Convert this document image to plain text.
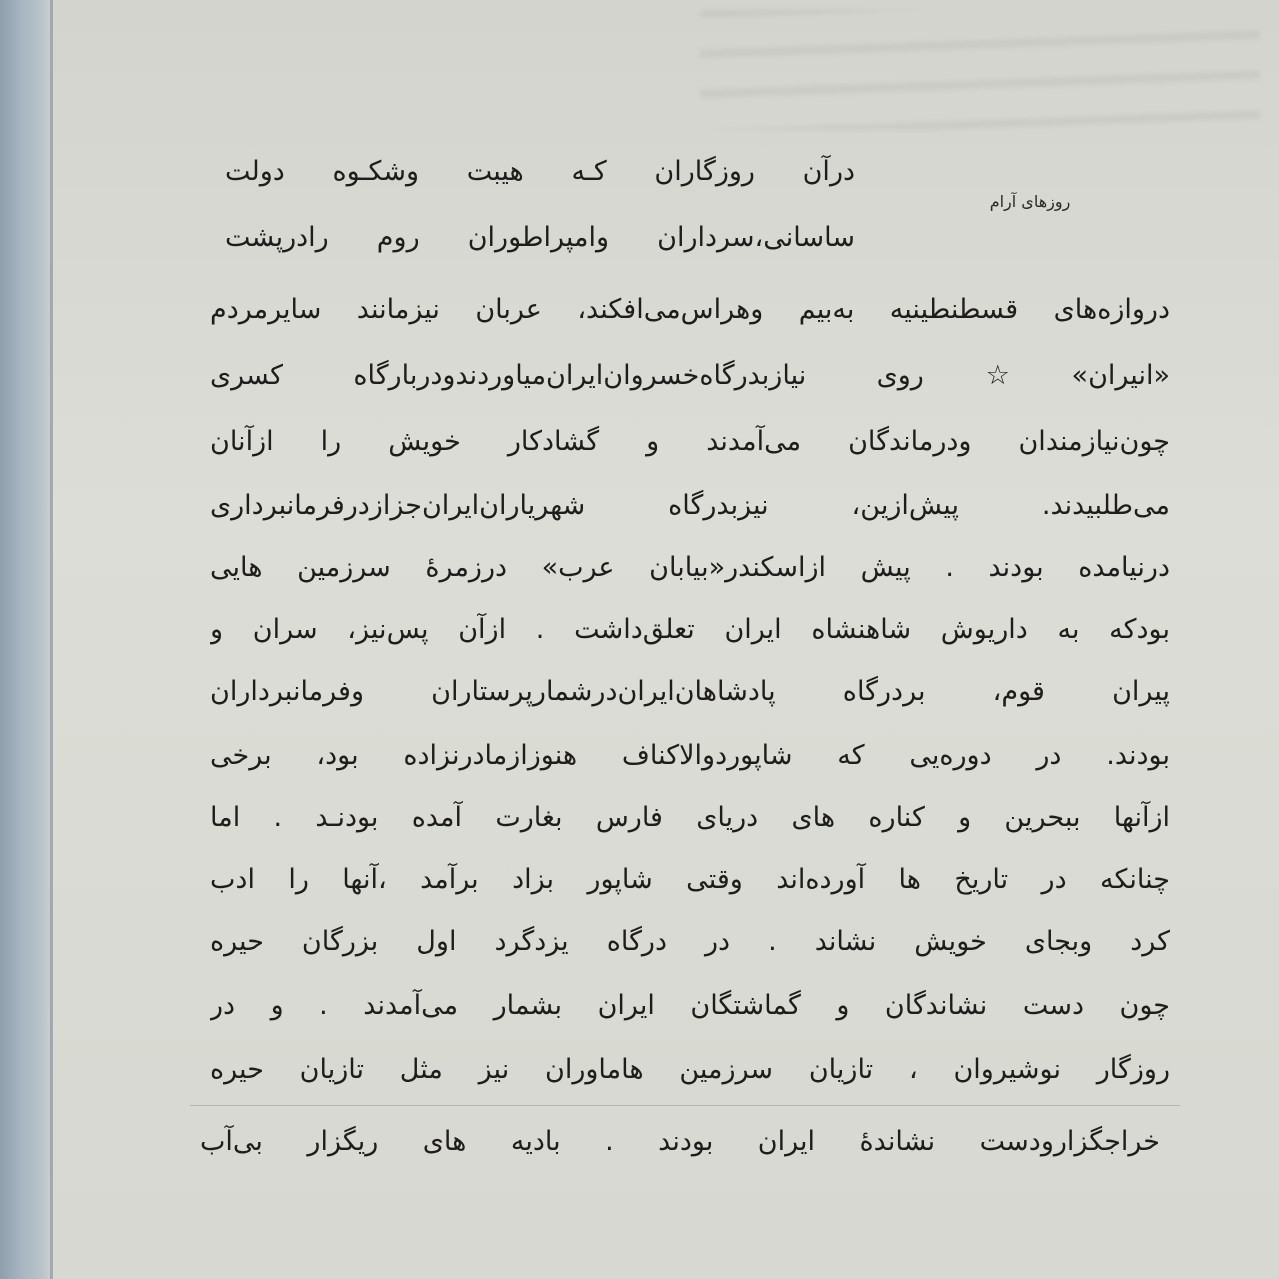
روزهای آرام
درآن روزگاران کـه هیبت وشکـوه دولت
ساسانی،سرداران وامپراطوران روم رادرپشت
دروازه‌های قسطنطینیه به‌بیم وهراس‌می‌افکند، عربان نیزمانند سایرمردم
«انیران»☆روی نیازبدرگاه‌خسروان‌ایران‌میاوردندودربارگاه کسری
چون‌نیازمندان ودرماندگان می‌آمدند و گشادکار خویش را ازآنان
می‌طلبیدند. پیش‌ازین، نیزبدرگاه شهریاران‌ایران‌جزازدرفرمانبرداری
درنیامده بودند . پیش ازاسکندر«بیابان عرب» درزمرهٔ سرزمین هایی
بودکه به داریوش شاهنشاه ایران تعلق‌داشت . ازآن پس‌نیز، سران و
پیران قوم، بردرگاه پادشاهان‌ایران‌درشمارپرستاران وفرمانبرداران
بودند. در دوره‌یی که شاپوردوالاکناف هنوزازمادرنزاده بود، برخی
ازآنها ببحرین و کناره های دریای فارس بغارت آمده بودنـد . اما
چنانکه در تاریخ ها آورده‌اند وقتی شاپور بزاد برآمد ،آنها را ادب
کرد وبجای خویش نشاند . در درگاه یزدگرد اول بزرگان حیره
چون دست نشاندگان و گماشتگان ایران بشمار می‌آمدند . و در
روزگار نوشیروان ، تازیان سرزمین هاماوران نیز مثل تازیان حیره
خراجگزارودست نشاندهٔ ایران بودند . بادیه های ریگزار بی‌آب
